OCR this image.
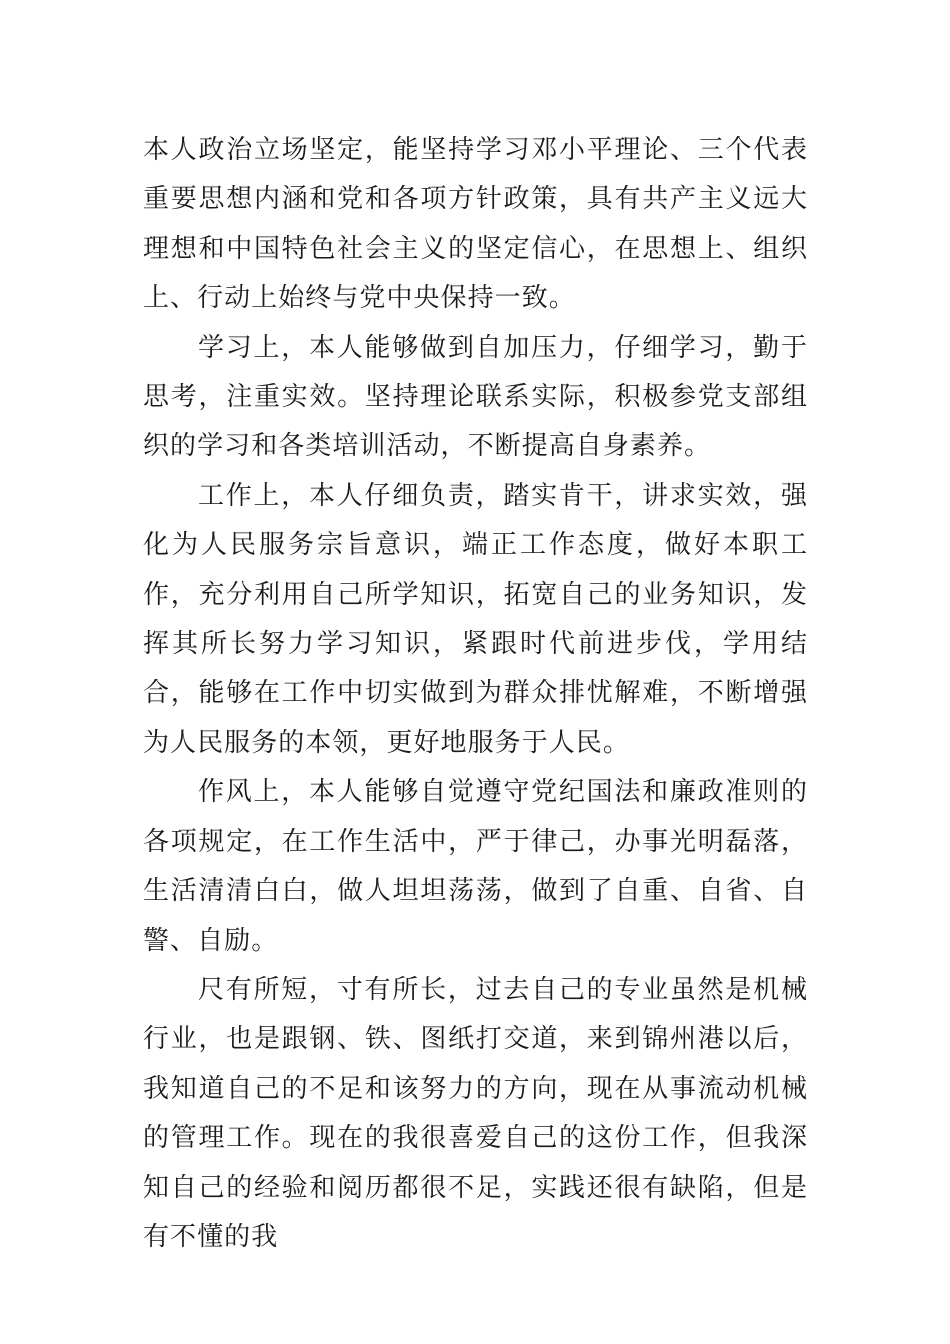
本人政治立场坚定，能坚持学习邓小平理论、三个代表重要思想内涵和党和各项方针政策，具有共产主义远大理想和中国特色社会主义的坚定信心，在思想上、组织上、行动上始终与党中央保持一致。

学习上，本人能够做到自加压力，仔细学习，勤于思考，注重实效。坚持理论联系实际，积极参党支部组织的学习和各类培训活动，不断提高自身素养。

工作上，本人仔细负责，踏实肯干，讲求实效，强化为人民服务宗旨意识，端正工作态度，做好本职工作，充分利用自己所学知识，拓宽自己的业务知识，发挥其所长努力学习知识，紧跟时代前进步伐，学用结合，能够在工作中切实做到为群众排忧解难，不断增强为人民服务的本领，更好地服务于人民。

作风上，本人能够自觉遵守党纪国法和廉政准则的各项规定，在工作生活中，严于律己，办事光明磊落，生活清清白白，做人坦坦荡荡，做到了自重、自省、自警、自励。

尺有所短，寸有所长，过去自己的专业虽然是机械行业，也是跟钢、铁、图纸打交道，来到锦州港以后，我知道自己的不足和该努力的方向，现在从事流动机械的管理工作。现在的我很喜爱自己的这份工作，但我深知自己的经验和阅历都很不足，实践还很有缺陷，但是有不懂的我
